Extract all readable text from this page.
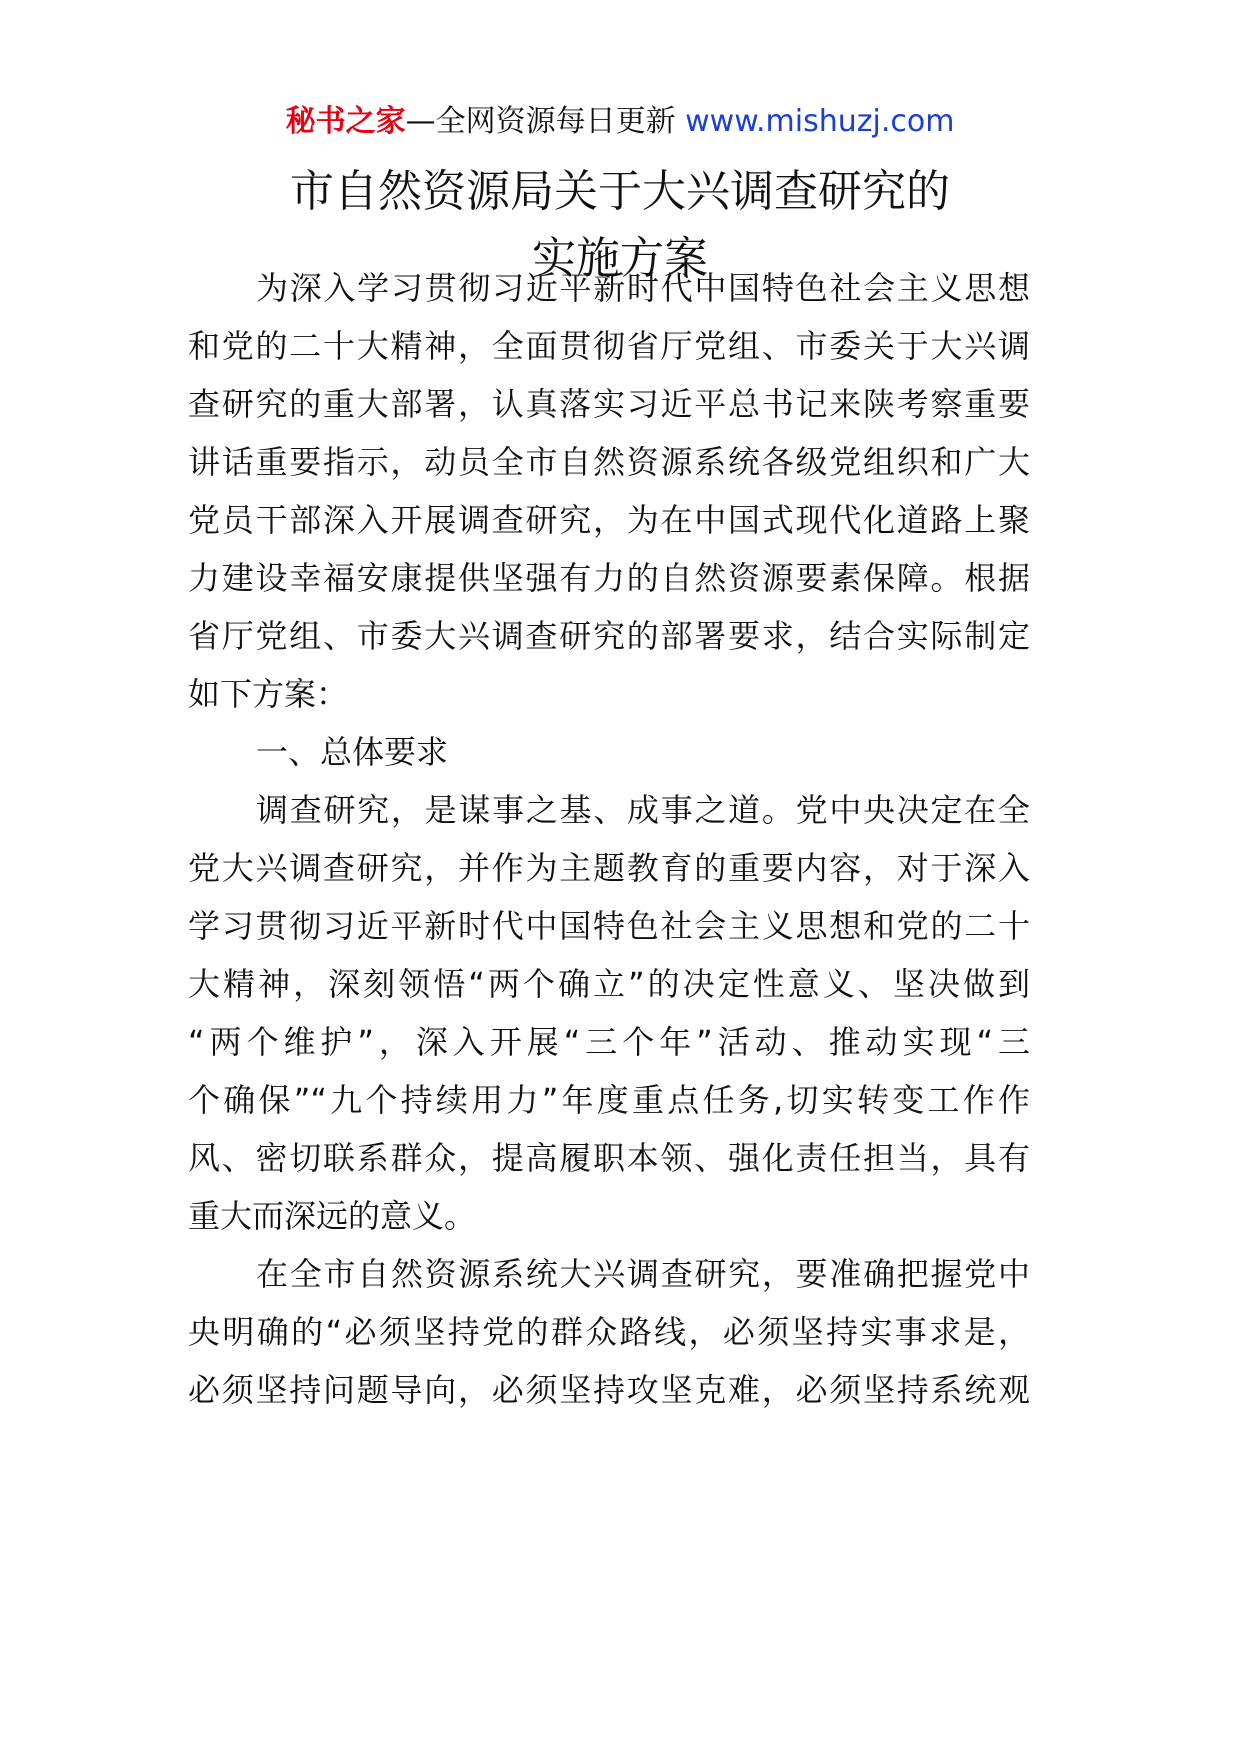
秘书之家—全网资源每日更新 www.mishuzj.com
市自然资源局关于大兴调查研究的
实施方案
为深入学习贯彻习近平新时代中国特色社会主义思想
和党的二十大精神，全面贯彻省厅党组、市委关于大兴调
查研究的重大部署，认真落实习近平总书记来陕考察重要
讲话重要指示，动员全市自然资源系统各级党组织和广大
党员干部深入开展调查研究，为在中国式现代化道路上聚
力建设幸福安康提供坚强有力的自然资源要素保障。根据
省厅党组、市委大兴调查研究的部署要求，结合实际制定
如下方案：
一、总体要求
调查研究，是谋事之基、成事之道。党中央决定在全
党大兴调查研究，并作为主题教育的重要内容，对于深入
学习贯彻习近平新时代中国特色社会主义思想和党的二十
大精神，深刻领悟“两个确立”的决定性意义、坚决做到
“两个维护”，深入开展“三个年”活动、推动实现“三
个确保”“九个持续用力”年度重点任务,切实转变工作作
风、密切联系群众，提高履职本领、强化责任担当，具有
重大而深远的意义。
在全市自然资源系统大兴调查研究，要准确把握党中
央明确的“必须坚持党的群众路线，必须坚持实事求是，
必须坚持问题导向，必须坚持攻坚克难，必须坚持系统观
